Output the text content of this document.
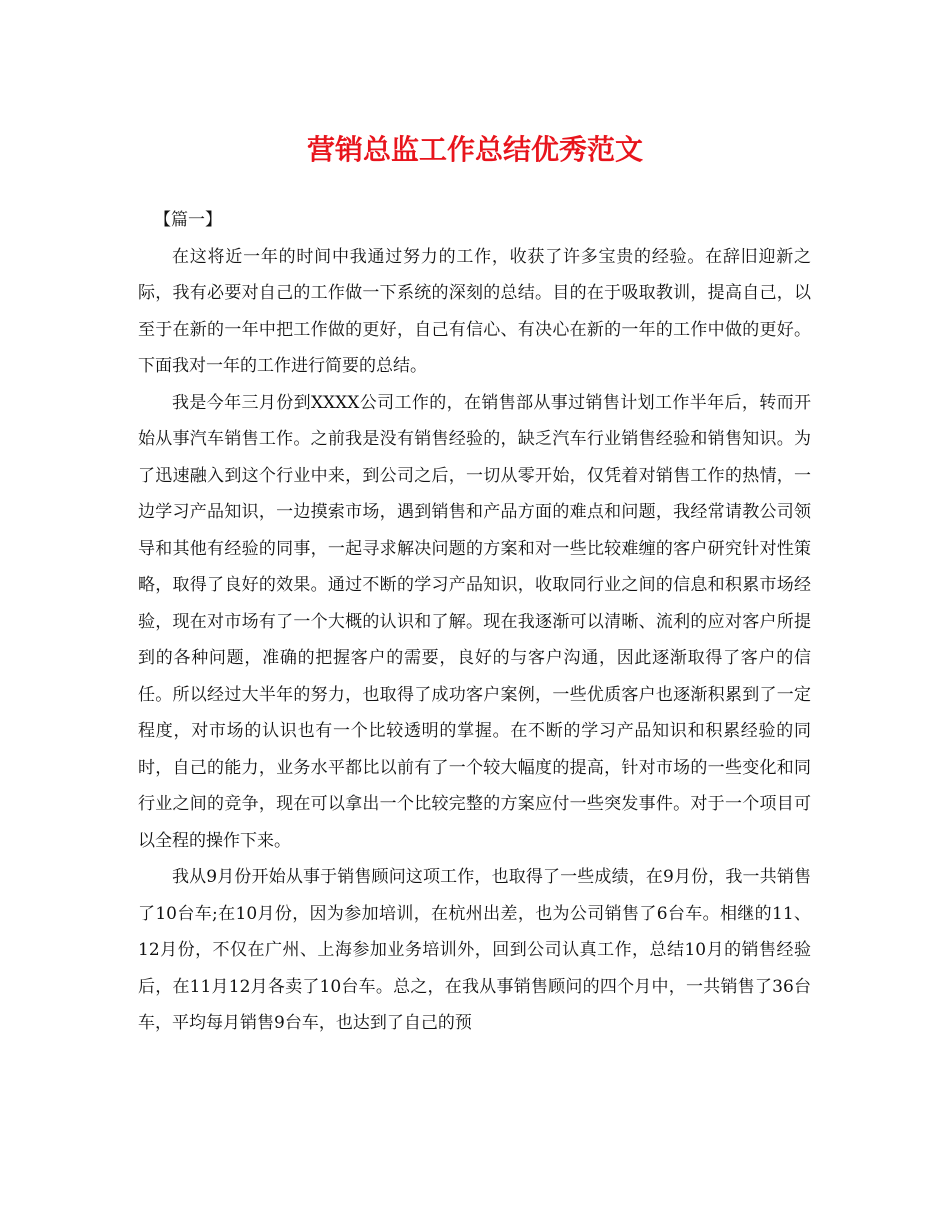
营销总监工作总结优秀范文

【篇一】

在这将近一年的时间中我通过努力的工作，收获了许多宝贵的经验。在辞旧迎新之际，我有必要对自己的工作做一下系统的深刻的总结。目的在于吸取教训，提高自己，以至于在新的一年中把工作做的更好，自己有信心、有决心在新的一年的工作中做的更好。下面我对一年的工作进行简要的总结。

我是今年三月份到XXXX公司工作的，在销售部从事过销售计划工作半年后，转而开始从事汽车销售工作。之前我是没有销售经验的，缺乏汽车行业销售经验和销售知识。为了迅速融入到这个行业中来，到公司之后，一切从零开始，仅凭着对销售工作的热情，一边学习产品知识，一边摸索市场，遇到销售和产品方面的难点和问题，我经常请教公司领导和其他有经验的同事，一起寻求解决问题的方案和对一些比较难缠的客户研究针对性策略，取得了良好的效果。通过不断的学习产品知识，收取同行业之间的信息和积累市场经验，现在对市场有了一个大概的认识和了解。现在我逐渐可以清晰、流利的应对客户所提到的各种问题，准确的把握客户的需要，良好的与客户沟通，因此逐渐取得了客户的信任。所以经过大半年的努力，也取得了成功客户案例，一些优质客户也逐渐积累到了一定程度，对市场的认识也有一个比较透明的掌握。在不断的学习产品知识和积累经验的同时，自己的能力，业务水平都比以前有了一个较大幅度的提高，针对市场的一些变化和同行业之间的竞争，现在可以拿出一个比较完整的方案应付一些突发事件。对于一个项目可以全程的操作下来。

我从9月份开始从事于销售顾问这项工作，也取得了一些成绩，在9月份，我一共销售了10台车;在10月份，因为参加培训，在杭州出差，也为公司销售了6台车。相继的11、12月份，不仅在广州、上海参加业务培训外，回到公司认真工作，总结10月的销售经验后，在11月12月各卖了10台车。总之，在我从事销售顾问的四个月中，一共销售了36台车，平均每月销售9台车，也达到了自己的预
